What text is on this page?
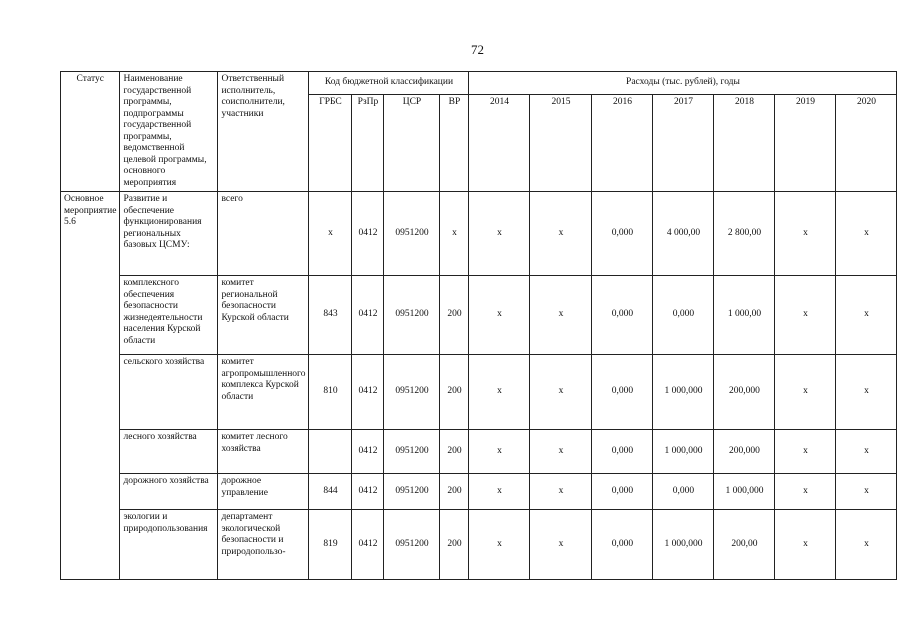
72
Статус	Наименование государственной программы, подпрограммы государственной программы, ведомственной целевой программы, основного мероприятия	Ответственный исполнитель, соисполнители, участники	Код бюджетной классификации				Расходы (тыс. рублей), годы						
			ГРБС	РзПр	ЦСР	ВР	2014	2015	2016	2017	2018	2019	2020
Основное мероприятие 5.6	Развитие и обеспечение функционирования региональных базовых ЦСМУ:	всего	х	0412	0951200	х	х	х	0,000	4 000,00	2 800,00	х	х
	комплексного обеспечения безопасности жизнедеятельности населения Курской области	комитет региональной безопасности Курской области	843	0412	0951200	200	х	х	0,000	0,000	1 000,00	х	х
	сельского хозяйства	комитет агропромышленного комплекса Курской области	810	0412	0951200	200	х	х	0,000	1 000,000	200,000	х	х
	лесного хозяйства	комитет лесного хозяйства		0412	0951200	200	х	х	0,000	1 000,000	200,000	х	х
	дорожного хозяйства	дорожное управление	844	0412	0951200	200	х	х	0,000	0,000	1 000,000	х	х
	экологии и природопользования	департамент экологической безопасности и природопользо-	819	0412	0951200	200	х	х	0,000	1 000,000	200,00	х	х
